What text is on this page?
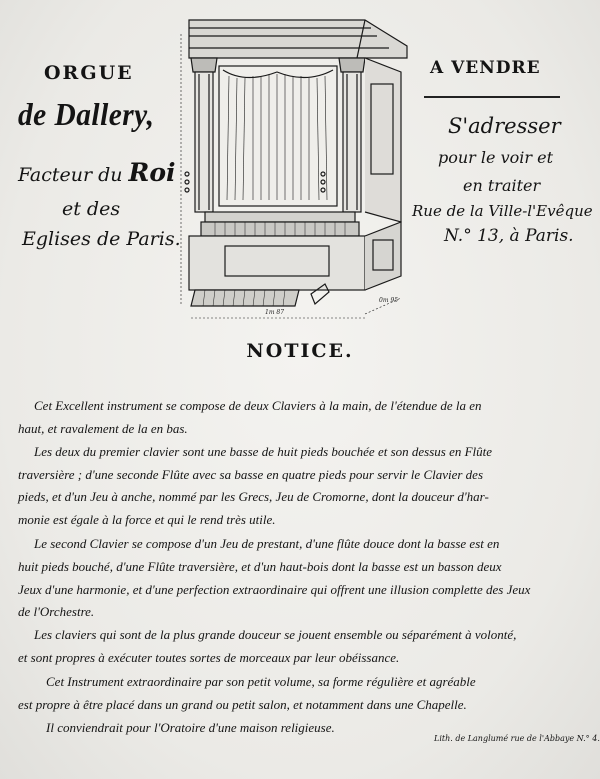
ORGUE
de Dallery,
Facteur du Roi
et des
Eglises de Paris.
A VENDRE
S'adresser
pour le voir et
en traiter
Rue de la Ville-l'Evêque
N.° 13, à Paris.
1m 87
0m 95
NOTICE.
Cet Excellent instrument se compose de deux Claviers à la main, de l'étendue de la en
haut, et ravalement de la en bas.
Les deux du premier clavier sont une basse de huit pieds bouchée et son dessus en Flûte
traversière ; d'une seconde Flûte avec sa basse en quatre pieds pour servir le Clavier des
pieds, et d'un Jeu à anche, nommé par les Grecs, Jeu de Cromorne, dont la douceur d'har-
monie est égale à la force et qui le rend très utile.
Le second Clavier se compose d'un Jeu de prestant, d'une flûte douce dont la basse est en
huit pieds bouché, d'une Flûte traversière, et d'un haut-bois dont la basse est un basson deux
Jeux d'une harmonie, et d'une perfection extraordinaire qui offrent une illusion complette des Jeux
de l'Orchestre.
Les claviers qui sont de la plus grande douceur se jouent ensemble ou séparément à volonté,
et sont propres à exécuter toutes sortes de morceaux par leur obéissance.
Cet Instrument extraordinaire par son petit volume, sa forme régulière et agréable
est propre à être placé dans un grand ou petit salon, et notamment dans une Chapelle.
Il conviendrait pour l'Oratoire d'une maison religieuse.
Lith. de Langlumé rue de l'Abbaye N.° 4.
